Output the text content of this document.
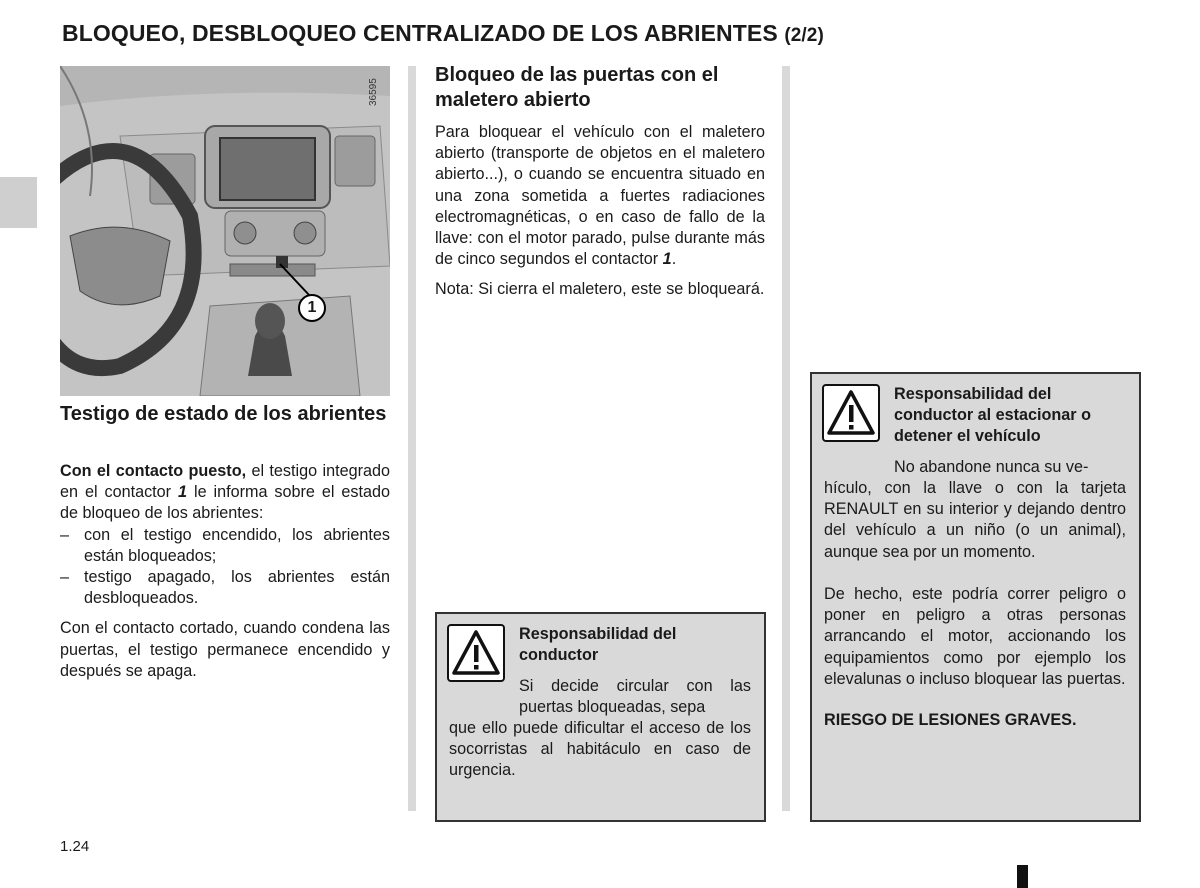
BLOQUEO, DESBLOQUEO CENTRALIZADO DE LOS ABRIENTES (2/2)
1
36595
Testigo de estado de los abrientes

Con el contacto puesto, el testigo integrado en el contactor 1 le informa sobre el estado de bloqueo de los abrientes:

– con el testigo encendido, los abrientes están bloqueados;
– testigo apagado, los abrientes están desbloqueados.

Con el contacto cortado, cuando condena las puertas, el testigo permanece encendido y después se apaga.

Bloqueo de las puertas con el maletero abierto

Para bloquear el vehículo con el maletero abierto (transporte de objetos en el maletero abierto...), o cuando se encuentra situado en una zona sometida a fuertes radiaciones electromagnéticas, o en caso de fallo de la llave: con el motor parado, pulse durante más de cinco segundos el contactor 1.

Nota: Si cierra el maletero, este se bloqueará.

Responsabilidad del conductor
Si decide circular con las puertas bloqueadas, sepa
que ello puede dificultar el acceso de los socorristas al habitáculo en caso de urgencia.
Responsabilidad del conductor al estacionar o detener el vehículo
No abandone nunca su ve-
hículo, con la llave o con la tarjeta RENAULT en su interior y dejando dentro del vehículo a un niño (o un animal), aunque sea por un momento.
De hecho, este podría correr peligro o poner en peligro a otras personas arrancando el motor, accionando los equipamientos como por ejemplo los elevalunas o incluso bloquear las puertas.
RIESGO DE LESIONES GRAVES.
1.24
